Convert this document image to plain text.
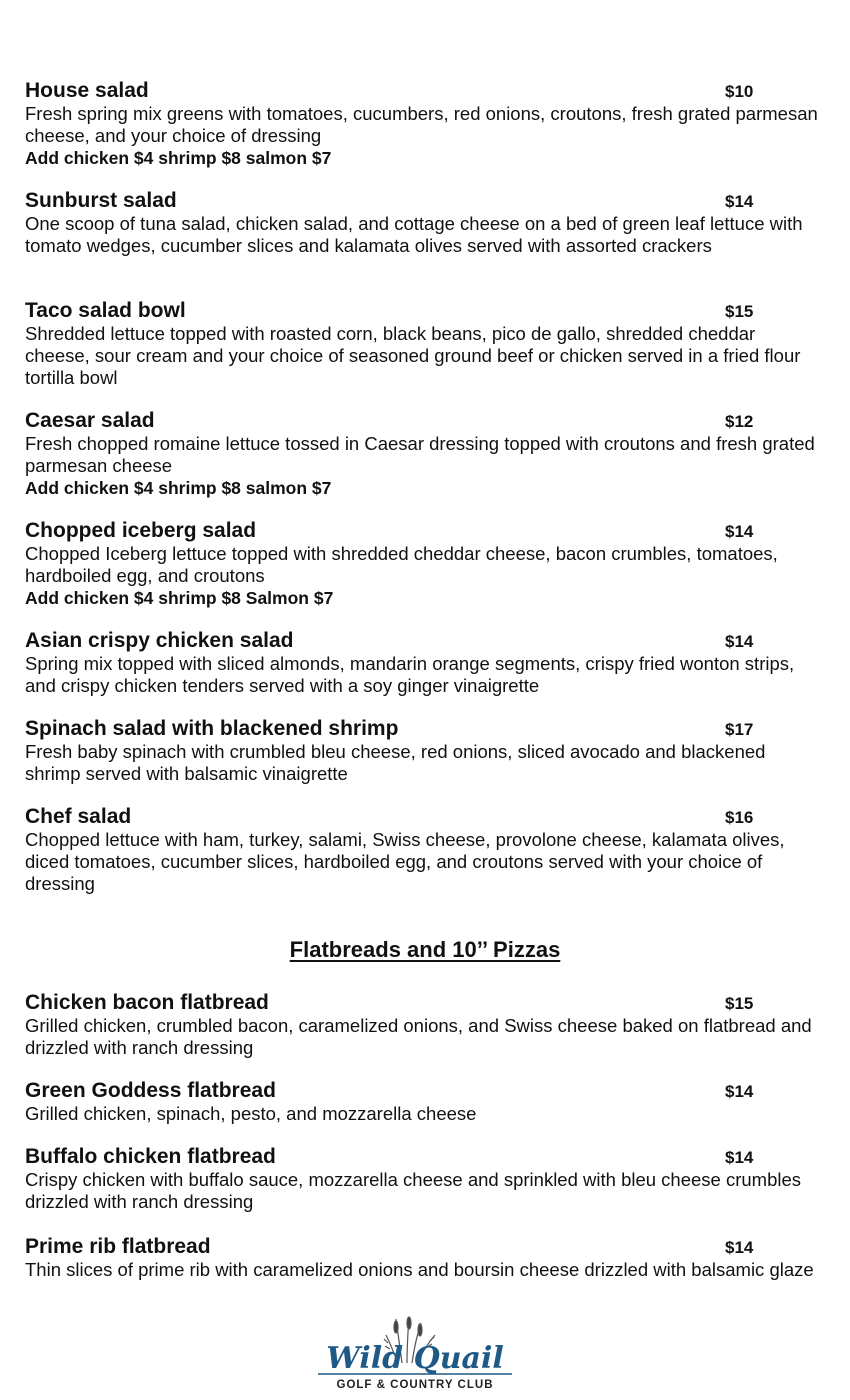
House salad	$10
Fresh spring mix greens with tomatoes, cucumbers, red onions, croutons, fresh grated parmesan cheese, and your choice of dressing
Add chicken $4 shrimp $8 salmon $7
Sunburst salad	$14
One scoop of tuna salad, chicken salad, and cottage cheese on a bed of green leaf lettuce with tomato wedges, cucumber slices and kalamata olives served with assorted crackers
Taco salad bowl	$15
Shredded lettuce topped with roasted corn, black beans, pico de gallo, shredded cheddar cheese, sour cream and your choice of seasoned ground beef or chicken served in a fried flour tortilla bowl
Caesar salad	$12
Fresh chopped romaine lettuce tossed in Caesar dressing topped with croutons and fresh grated parmesan cheese
Add chicken $4 shrimp $8 salmon $7
Chopped iceberg salad	$14
Chopped Iceberg lettuce topped with shredded cheddar cheese, bacon crumbles, tomatoes, hardboiled egg, and croutons
Add chicken $4 shrimp $8 Salmon $7
Asian crispy chicken salad	$14
Spring mix topped with sliced almonds, mandarin orange segments, crispy fried wonton strips, and crispy chicken tenders served with a soy ginger vinaigrette
Spinach salad with blackened shrimp	$17
Fresh baby spinach with crumbled bleu cheese, red onions, sliced avocado and blackened shrimp served with balsamic vinaigrette
Chef salad	$16
Chopped lettuce with ham, turkey, salami, Swiss cheese, provolone cheese, kalamata olives, diced tomatoes, cucumber slices, hardboiled egg, and croutons served with your choice of dressing
Flatbreads and 10’’ Pizzas
Chicken bacon flatbread	$15
Grilled chicken, crumbled bacon, caramelized onions, and Swiss cheese baked on flatbread and drizzled with ranch dressing
Green Goddess flatbread	$14
Grilled chicken, spinach, pesto, and mozzarella cheese
Buffalo chicken flatbread	$14
Crispy chicken with buffalo sauce, mozzarella cheese and sprinkled with bleu cheese crumbles drizzled with ranch dressing
Prime rib flatbread	$14
Thin slices of prime rib with caramelized onions and boursin cheese drizzled with balsamic glaze
Wild Quail
GOLF & COUNTRY CLUB
